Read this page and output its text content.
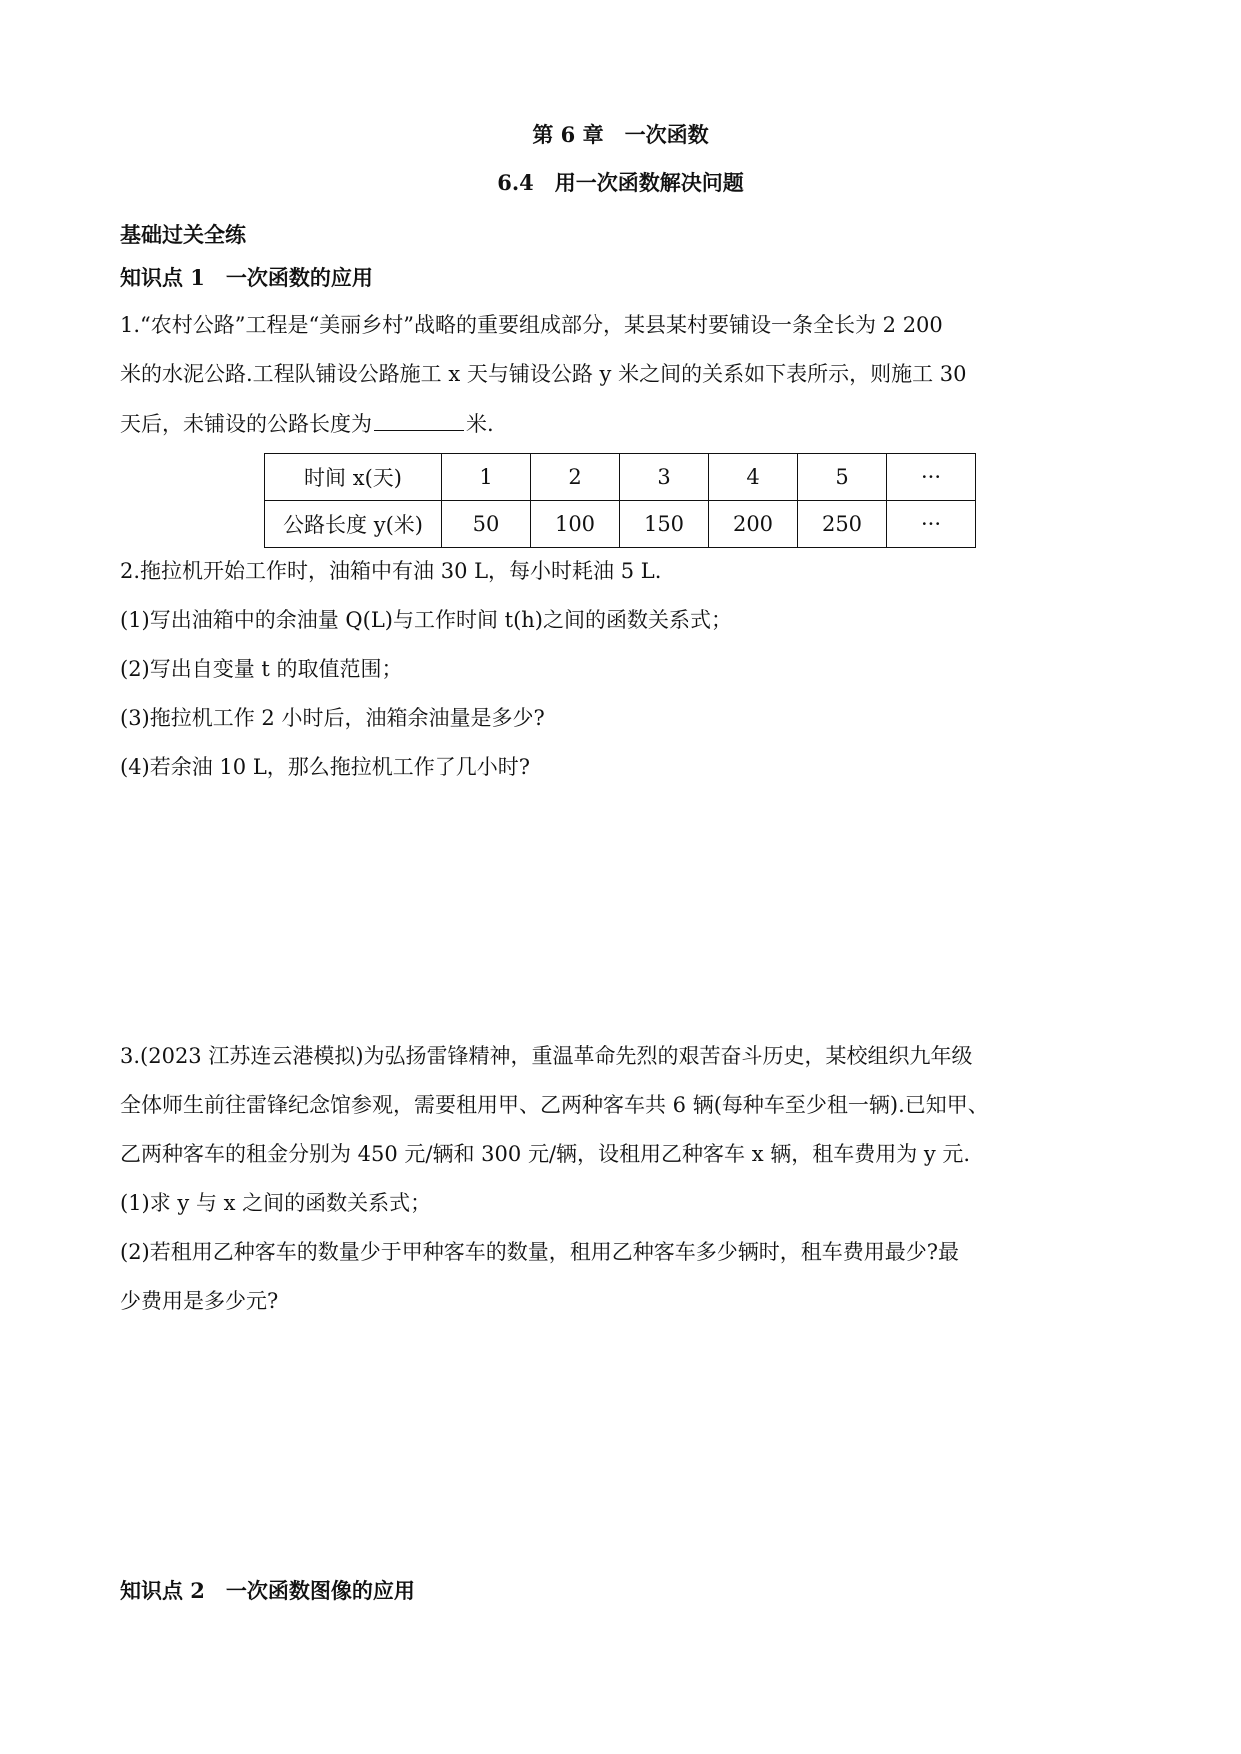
第 6 章　一次函数
6.4　用一次函数解决问题
基础过关全练
知识点 1　一次函数的应用
1.“农村公路”工程是“美丽乡村”战略的重要组成部分，某县某村要铺设一条全长为 2 200
米的水泥公路.工程队铺设公路施工 x 天与铺设公路 y 米之间的关系如下表所示，则施工 30
天后，未铺设的公路长度为	米.
时间 x(天)	1	2	3	4	5	···
公路长度 y(米)	50	100	150	200	250	···
2.拖拉机开始工作时，油箱中有油 30 L，每小时耗油 5 L.
(1)写出油箱中的余油量 Q(L)与工作时间 t(h)之间的函数关系式；
(2)写出自变量 t 的取值范围；
(3)拖拉机工作 2 小时后，油箱余油量是多少?
(4)若余油 10 L，那么拖拉机工作了几小时?
3.(2023 江苏连云港模拟)为弘扬雷锋精神，重温革命先烈的艰苦奋斗历史，某校组织九年级
全体师生前往雷锋纪念馆参观，需要租用甲、乙两种客车共 6 辆(每种车至少租一辆).已知甲、
乙两种客车的租金分别为 450 元/辆和 300 元/辆，设租用乙种客车 x 辆，租车费用为 y 元.
(1)求 y 与 x 之间的函数关系式；
(2)若租用乙种客车的数量少于甲种客车的数量，租用乙种客车多少辆时，租车费用最少?最
少费用是多少元?
知识点 2　一次函数图像的应用
